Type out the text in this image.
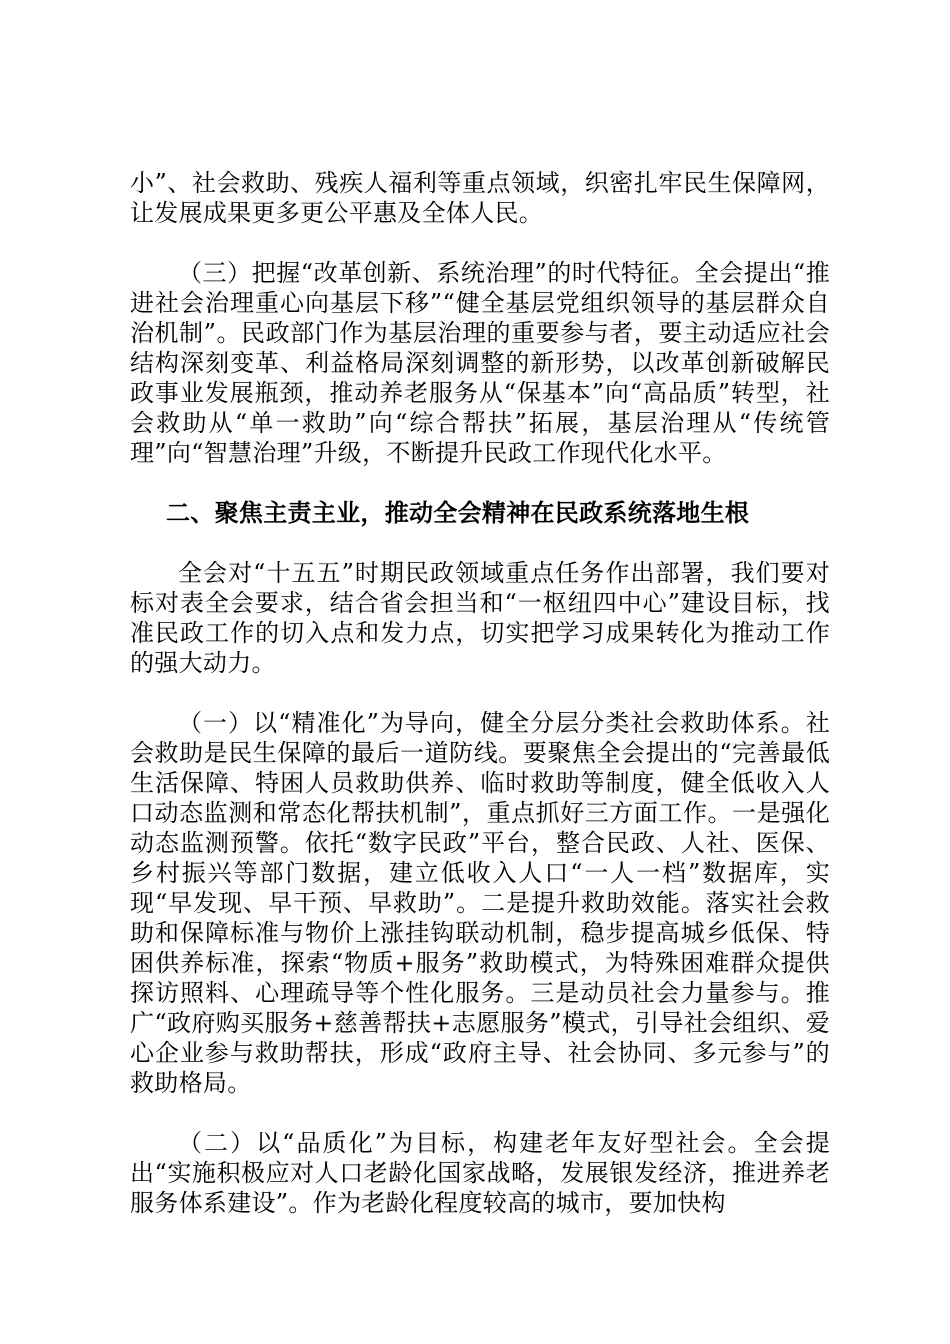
小”、社会救助、残疾人福利等重点领域，织密扎牢民生保障网，让发展成果更多更公平惠及全体人民。

（三）把握“改革创新、系统治理”的时代特征。全会提出“推进社会治理重心向基层下移”“健全基层党组织领导的基层群众自治机制”。民政部门作为基层治理的重要参与者，要主动适应社会结构深刻变革、利益格局深刻调整的新形势，以改革创新破解民政事业发展瓶颈，推动养老服务从“保基本”向“高品质”转型，社会救助从“单一救助”向“综合帮扶”拓展，基层治理从“传统管理”向“智慧治理”升级，不断提升民政工作现代化水平。

二、聚焦主责主业，推动全会精神在民政系统落地生根

全会对“十五五”时期民政领域重点任务作出部署，我们要对标对表全会要求，结合省会担当和“一枢纽四中心”建设目标，找准民政工作的切入点和发力点，切实把学习成果转化为推动工作的强大动力。

（一）以“精准化”为导向，健全分层分类社会救助体系。社会救助是民生保障的最后一道防线。要聚焦全会提出的“完善最低生活保障、特困人员救助供养、临时救助等制度，健全低收入人口动态监测和常态化帮扶机制”，重点抓好三方面工作。一是强化动态监测预警。依托“数字民政”平台，整合民政、人社、医保、乡村振兴等部门数据，建立低收入人口“一人一档”数据库，实现“早发现、早干预、早救助”。二是提升救助效能。落实社会救助和保障标准与物价上涨挂钩联动机制，稳步提高城乡低保、特困供养标准，探索“物质+服务”救助模式，为特殊困难群众提供探访照料、心理疏导等个性化服务。三是动员社会力量参与。推广“政府购买服务+慈善帮扶+志愿服务”模式，引导社会组织、爱心企业参与救助帮扶，形成“政府主导、社会协同、多元参与”的救助格局。

（二）以“品质化”为目标，构建老年友好型社会。全会提出“实施积极应对人口老龄化国家战略，发展银发经济，推进养老服务体系建设”。作为老龄化程度较高的城市，要加快构
